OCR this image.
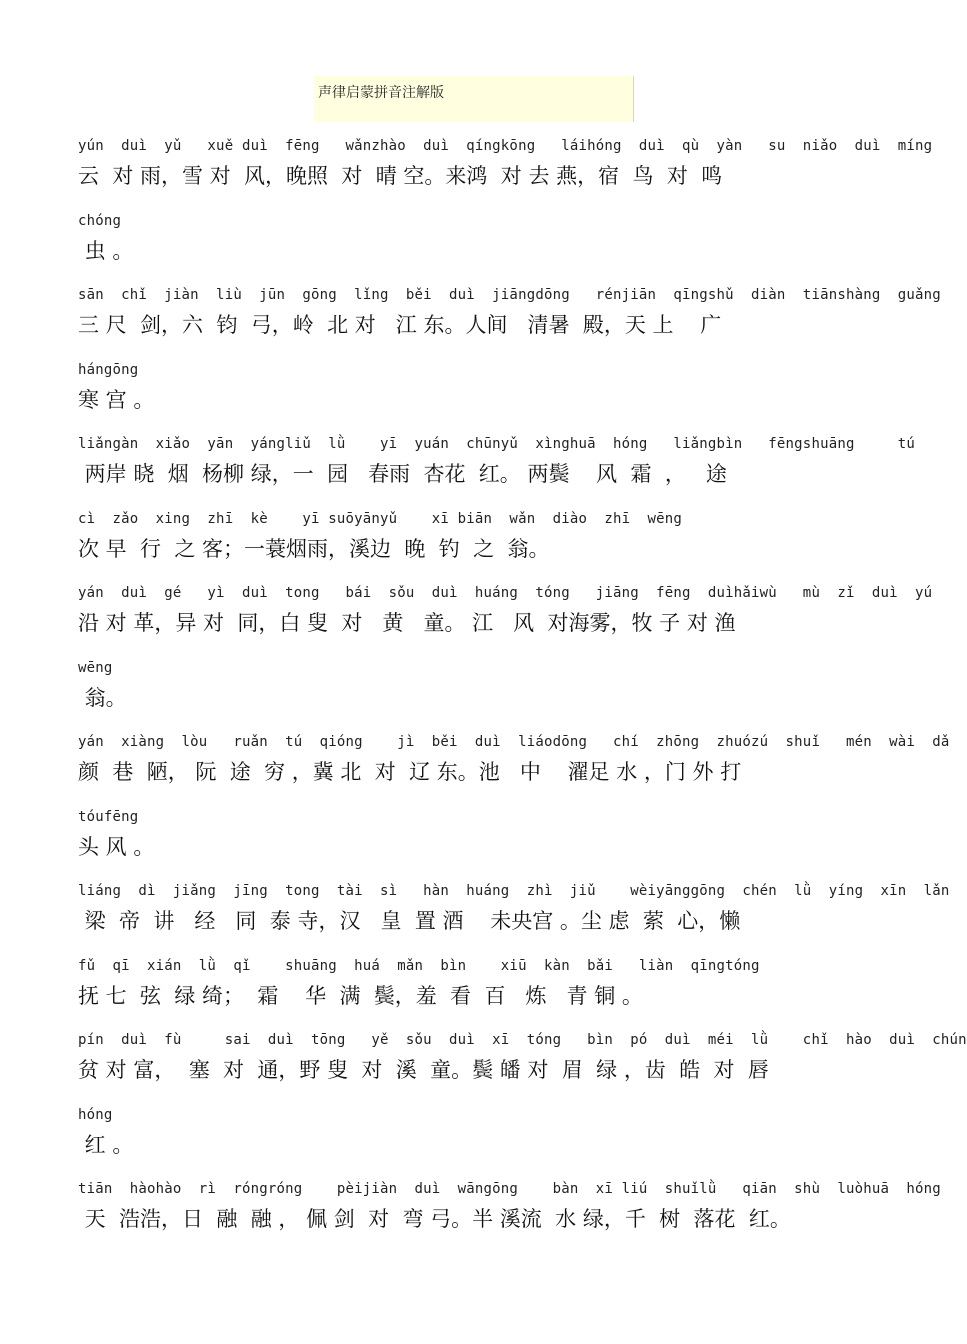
声律启蒙拼音注解版
yún  duì  yǔ   xuě duì  fēng   wǎnzhào  duì  qíngkōng   láihóng  duì  qù  yàn   su  niǎo  duì  míng
云  对 雨，雪 对  风，晚照  对  晴 空。来鸿  对 去 燕，宿  鸟  对  鸣
chóng
虫 。
sān  chǐ  jiàn  liù  jūn  gōng  lǐng  běi  duì  jiāngdōng   rénjiān  qīngshǔ  diàn  tiānshàng  guǎng
三 尺  剑，六  钧  弓，岭  北 对   江 东。人间   清暑  殿，天 上    广
hángōng
寒 宫 。
liǎngàn  xiǎo  yān  yángliǔ  lǜ    yī  yuán  chūnyǔ  xìnghuā  hóng   liǎngbìn   fēngshuāng     tú
两岸 晓  烟  杨柳 绿，一  园   春雨  杏花  红。 两鬓    风  霜  ，   途
cì  zǎo  xing  zhī  kè    yī suōyānyǔ    xī biān  wǎn  diào  zhī  wēng
次 早  行  之 客；一蓑烟雨，溪边  晚  钓  之  翁。
yán  duì  gé   yì  duì  tong   bái  sǒu  duì  huáng  tóng   jiāng  fēng  duìhǎiwù   mù  zǐ  duì  yú
沿 对 革，异 对  同，白 叟  对   黄   童。 江   风  对海雾，牧 子 对 渔
wēng
翁。
yán  xiàng  lòu   ruǎn  tú  qióng    jì  běi  duì  liáodōng   chí  zhōng  zhuózú  shuǐ   mén  wài  dǎ
颜  巷  陋， 阮  途  穷 ，冀 北  对  辽 东。池   中    濯足 水 ，门 外 打
tóufēng
头 风 。
liáng  dì  jiǎng  jīng  tong  tài  sì   hàn  huáng  zhì  jiǔ    wèiyānggōng  chén  lǜ  yíng  xīn  lǎn
梁  帝  讲   经   同  泰 寺，汉   皇  置 酒    未央宫 。尘 虑  萦  心，懒
fǔ  qī  xián  lǜ  qǐ    shuāng  huá  mǎn  bìn    xiū  kàn  bǎi   liàn  qīngtóng
抚 七  弦  绿 绮；  霜    华  满  鬓，羞  看  百   炼   青 铜 。
pín  duì  fù     sai  duì  tōng   yě  sǒu  duì  xī  tóng   bìn  pó  duì  méi  lǜ    chǐ  hào  duì  chún
贫 对 富，  塞  对  通，野 叟  对  溪  童。鬓 皤 对  眉  绿 ，齿  皓  对  唇
hóng
红 。
tiān  hàohào  rì  róngróng    pèijiàn  duì  wāngōng    bàn  xī liú  shuǐlǜ   qiān  shù  luòhuā  hóng
天  浩浩，日  融  融 ， 佩 剑  对  弯 弓。半 溪流  水 绿，千  树  落花  红。
